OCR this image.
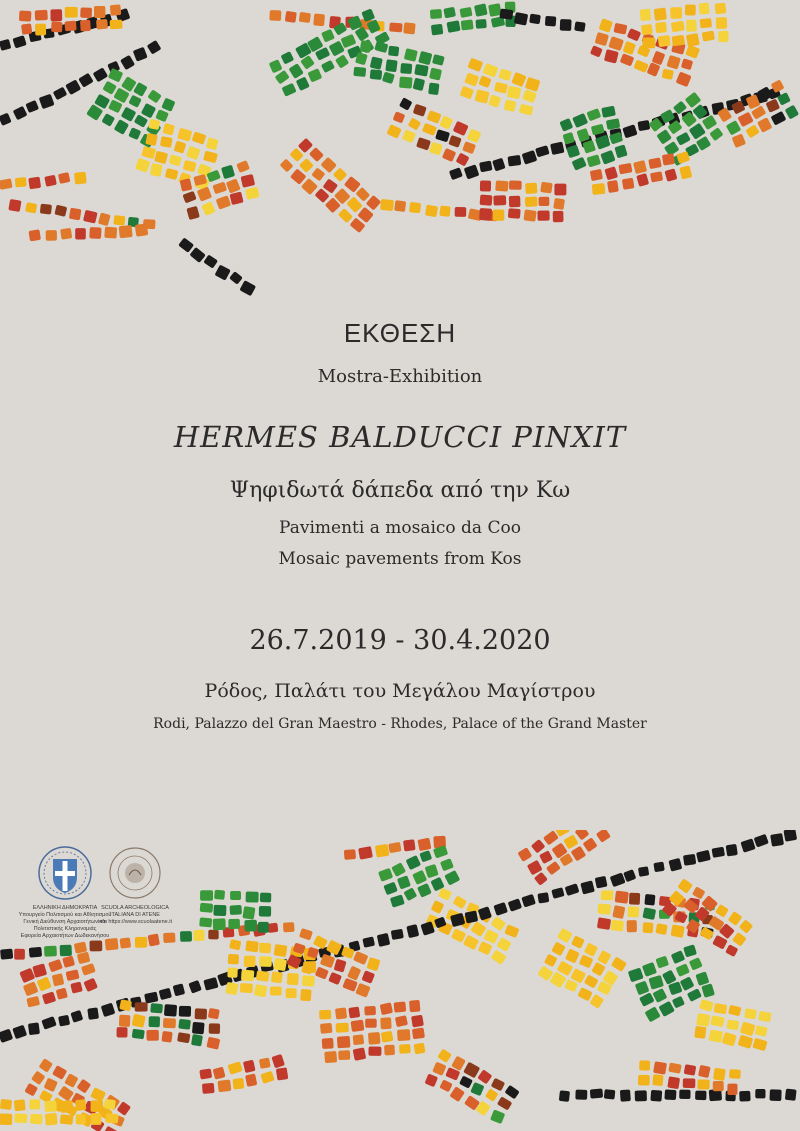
ΕΚΘΕΣΗ
Mostra-Exhibition
HERMES BALDUCCI PINXIT
Ψηφιδωτά δάπεδα από την Κω
Pavimenti a mosaico da Coo
Mosaic pavements from Kos
26.7.2019 - 30.4.2020
Ρόδος, Παλάτι του Μεγάλου Μαγίστρου
Rodi, Palazzo del Gran Maestro - Rhodes, Palace of the Grand Master
ΕΛΛΗΝΙΚΗ ΔΗΜΟΚΡΑΤΙΑ
Υπουργείο Πολιτισμού και Αθλητισμού
Γενική Διεύθυνση Αρχαιοτήτων και Πολιτιστικής Κληρονομιάς
Εφορεία Αρχαιοτήτων Δωδεκανήσου
SCUOLA ARCHEOLOGICA
ITALIANA DI ATENE
info https://www.scuolaatene.it
